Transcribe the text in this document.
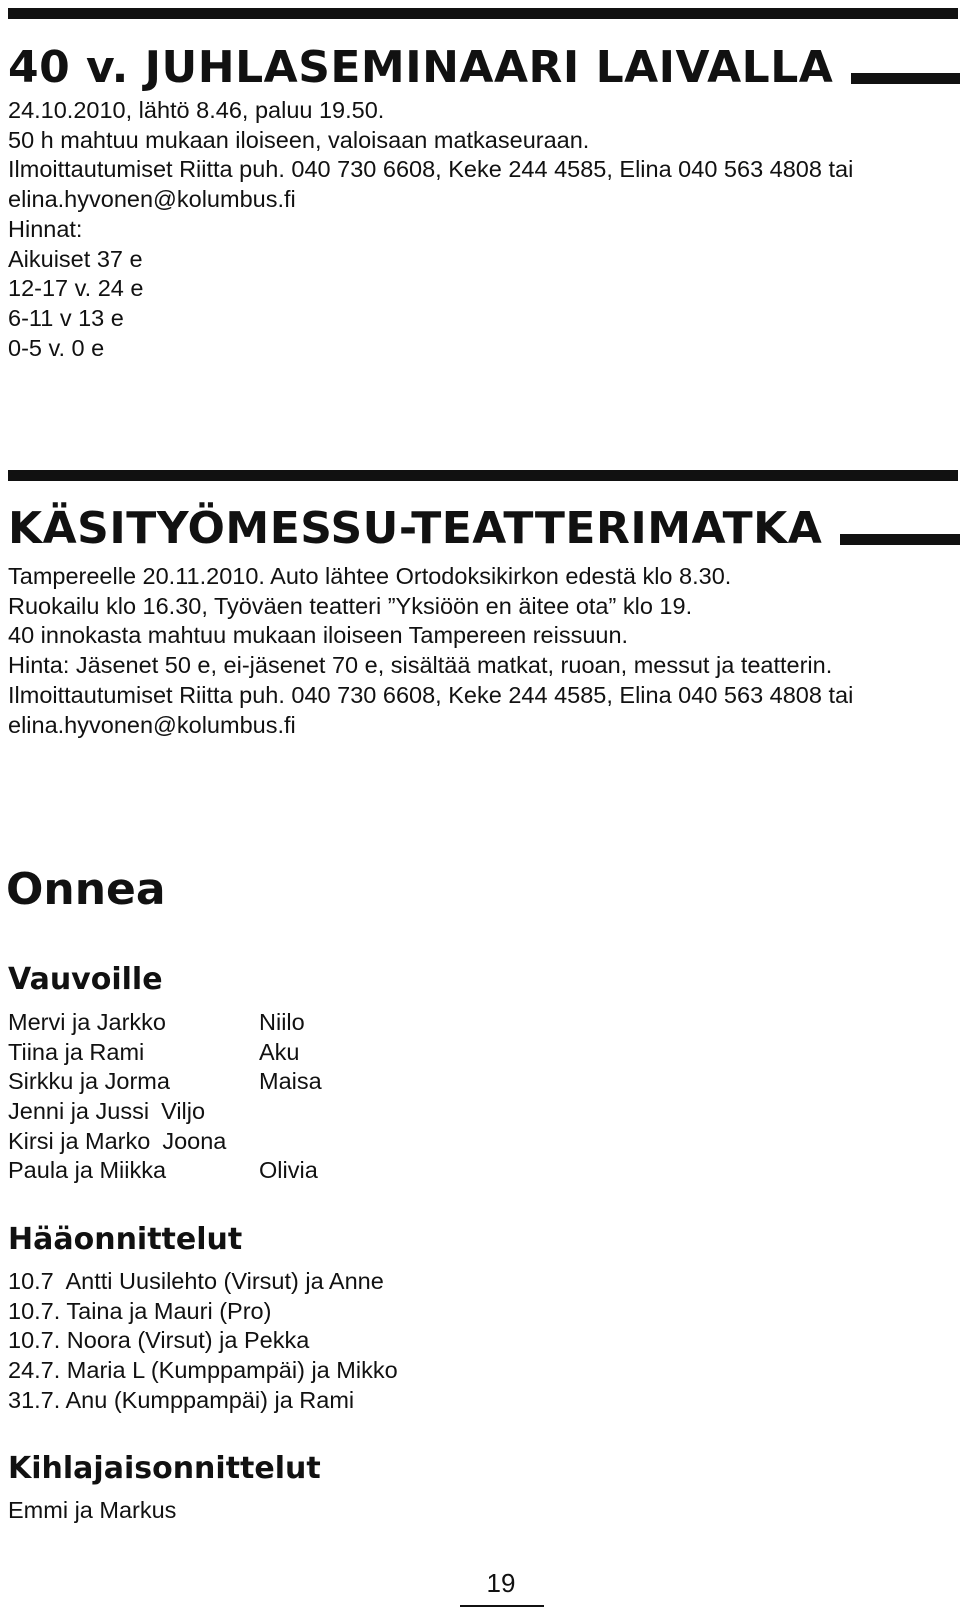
40 v. JUHLASEMINAARI LAIVALLA
24.10.2010, lähtö 8.46, paluu 19.50.
50 h mahtuu mukaan iloiseen, valoisaan matkaseuraan.
Ilmoittautumiset Riitta puh. 040 730 6608, Keke 244 4585, Elina 040 563 4808 tai
elina.hyvonen@kolumbus.fi
Hinnat:
Aikuiset 37 e
12-17 v. 24 e
6-11 v 13 e
0-5 v. 0 e
KÄSITYÖMESSU-TEATTERIMATKA
Tampereelle 20.11.2010. Auto lähtee Ortodoksikirkon edestä klo 8.30.
Ruokailu klo 16.30, Työväen teatteri ”Yksiöön en äitee ota” klo 19.
40 innokasta mahtuu mukaan iloiseen Tampereen reissuun.
Hinta: Jäsenet 50 e, ei-jäsenet 70 e, sisältää matkat, ruoan, messut ja teatterin.
Ilmoittautumiset Riitta puh. 040 730 6608, Keke 244 4585, Elina 040 563 4808 tai
elina.hyvonen@kolumbus.fi
Onnea
Vauvoille
Mervi ja Jarkko	Niilo
Tiina ja Rami	Aku
Sirkku ja Jorma	Maisa
Jenni ja Jussi Viljo
Kirsi ja Marko Joona
Paula ja Miikka	Olivia
Hääonnittelut
10.7  Antti Uusilehto (Virsut) ja Anne
10.7. Taina ja Mauri (Pro)
10.7. Noora (Virsut) ja Pekka
24.7. Maria L (Kumppampäi) ja Mikko
31.7. Anu (Kumppampäi) ja Rami
Kihlajaisonnittelut
Emmi ja Markus
19
